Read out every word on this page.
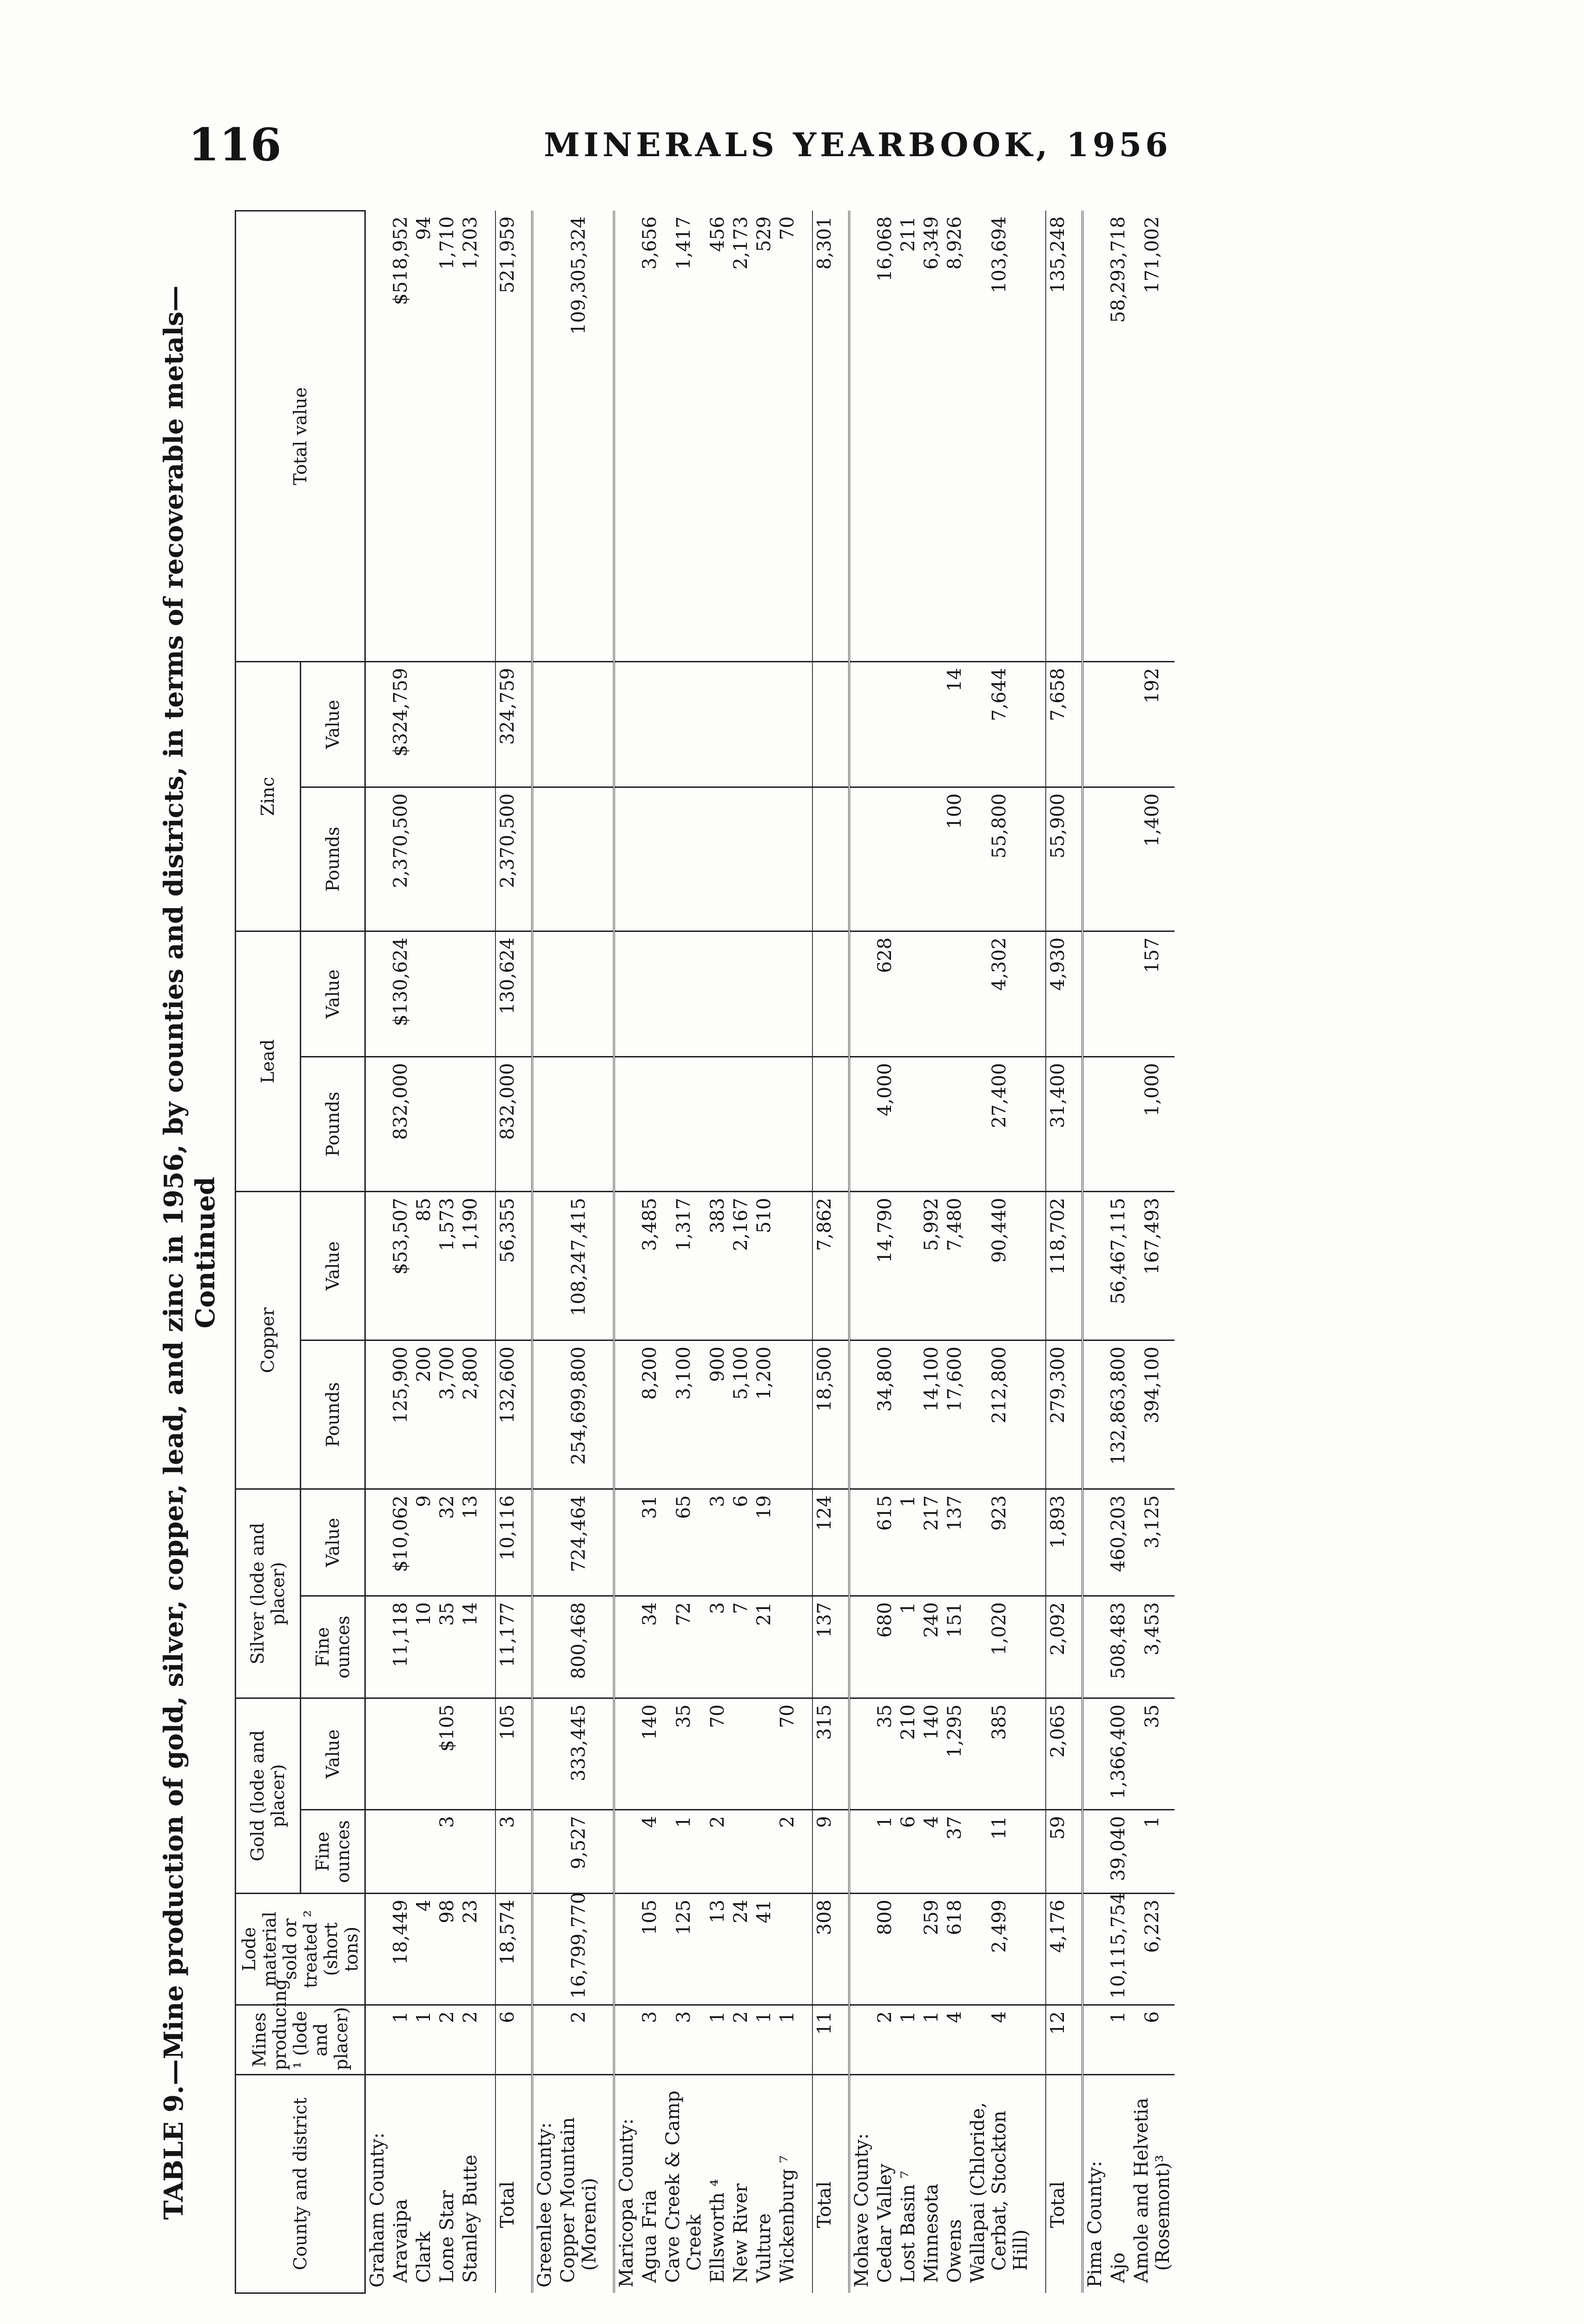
116	MINERALS YEARBOOK, 1956
TABLE 9.—Mine production of gold, silver, copper, lead, and zinc in 1956, by counties and districts, in terms of recoverable metals— Continued
County and district	Mines producing ¹ (lode and placer)	Lode material sold or treated ² (short tons)	Gold (lode and placer)		Silver (lode and placer)		Copper		Lead		Zinc		Total value
			Fine ounces	Value	Fine ounces	Value	Pounds	Value	Pounds	Value	Pounds	Value	
Graham County:													
Aravaipa	1	18,449			11,118	$10,062	125,900	$53,507	832,000	$130,624	2,370,500	$324,759	$518,952
Clark	1	4			10	9	200	85					94
Lone Star	2	98	3	$105	35	32	3,700	1,573					1,710
Stanley Butte	2	23			14	13	2,800	1,190					1,203

Total	6	18,574	3	105	11,177	10,116	132,600	56,355	832,000	130,624	2,370,500	324,759	521,959

Greenlee County:													
Copper Mountain (Morenci)	2	16,799,770	9,527	333,445	800,468	724,464	254,699,800	108,247,415					109,305,324

Maricopa County:													
Agua Fria	3	105	4	140	34	31	8,200	3,485					3,656
Cave Creek & Camp Creek	3	125	1	35	72	65	3,100	1,317					1,417
Ellsworth ⁴	1	13	2	70	3	3	900	383					456
New River	2	24			7	6	5,100	2,167					2,173
Vulture	1	41			21	19	1,200	510					529
Wickenburg ⁷	1		2	70									70

Total	11	308	9	315	137	124	18,500	7,862					8,301

Mohave County:													
Cedar Valley	2	800	1	35	680	615	34,800	14,790	4,000	628			16,068
Lost Basin ⁷	1		6	210	1	1							211
Minnesota	1	259	4	140	240	217	14,100	5,992					6,349
Owens	4	618	37	1,295	151	137	17,600	7,480			100	14	8,926
Wallapai (Chloride, Cerbat, Stockton Hill)	4	2,499	11	385	1,020	923	212,800	90,440	27,400	4,302	55,800	7,644	103,694

Total	12	4,176	59	2,065	2,092	1,893	279,300	118,702	31,400	4,930	55,900	7,658	135,248

Pima County:													
Ajo	1	10,115,754	39,040	1,366,400	508,483	460,203	132,863,800	56,467,115					58,293,718
Amole and Helvetia (Rosemont)³	6	6,223	1	35	3,453	3,125	394,100	167,493	1,000	157	1,400	192	171,002
